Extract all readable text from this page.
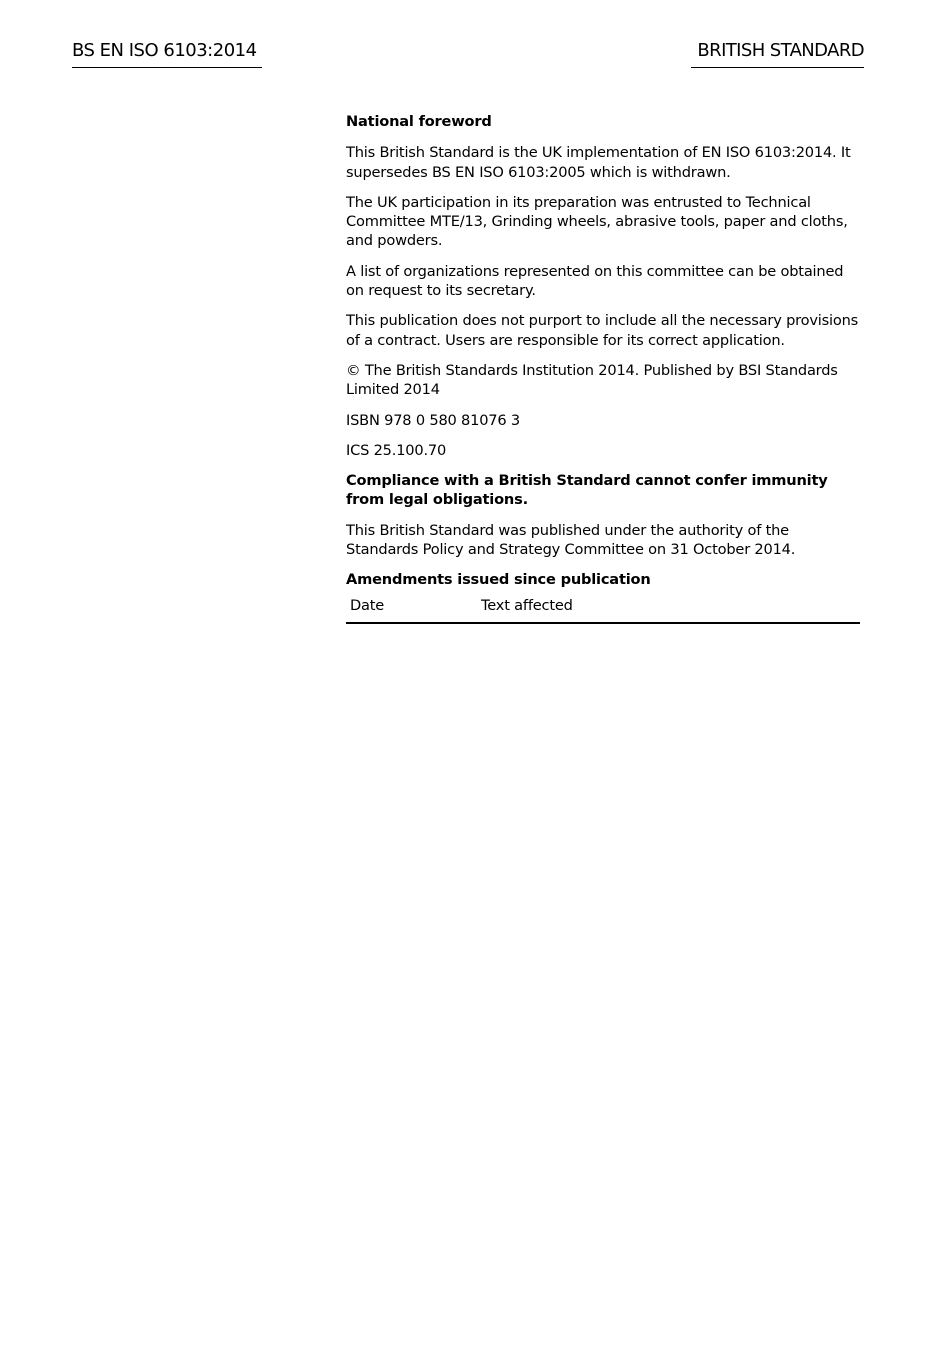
BS EN ISO 6103:2014	BRITISH STANDARD

National foreword

This British Standard is the UK implementation of EN ISO 6103:2014. It supersedes BS EN ISO 6103:2005 which is withdrawn.

The UK participation in its preparation was entrusted to Technical Committee MTE/13, Grinding wheels, abrasive tools, paper and cloths, and powders.

A list of organizations represented on this committee can be obtained on request to its secretary.

This publication does not purport to include all the necessary provisions of a contract. Users are responsible for its correct application.

© The British Standards Institution 2014. Published by BSI Standards Limited 2014

ISBN 978 0 580 81076 3

ICS 25.100.70

Compliance with a British Standard cannot confer immunity from legal obligations.

This British Standard was published under the authority of the Standards Policy and Strategy Committee on 31 October 2014.

Amendments issued since publication

Date	Text affected
